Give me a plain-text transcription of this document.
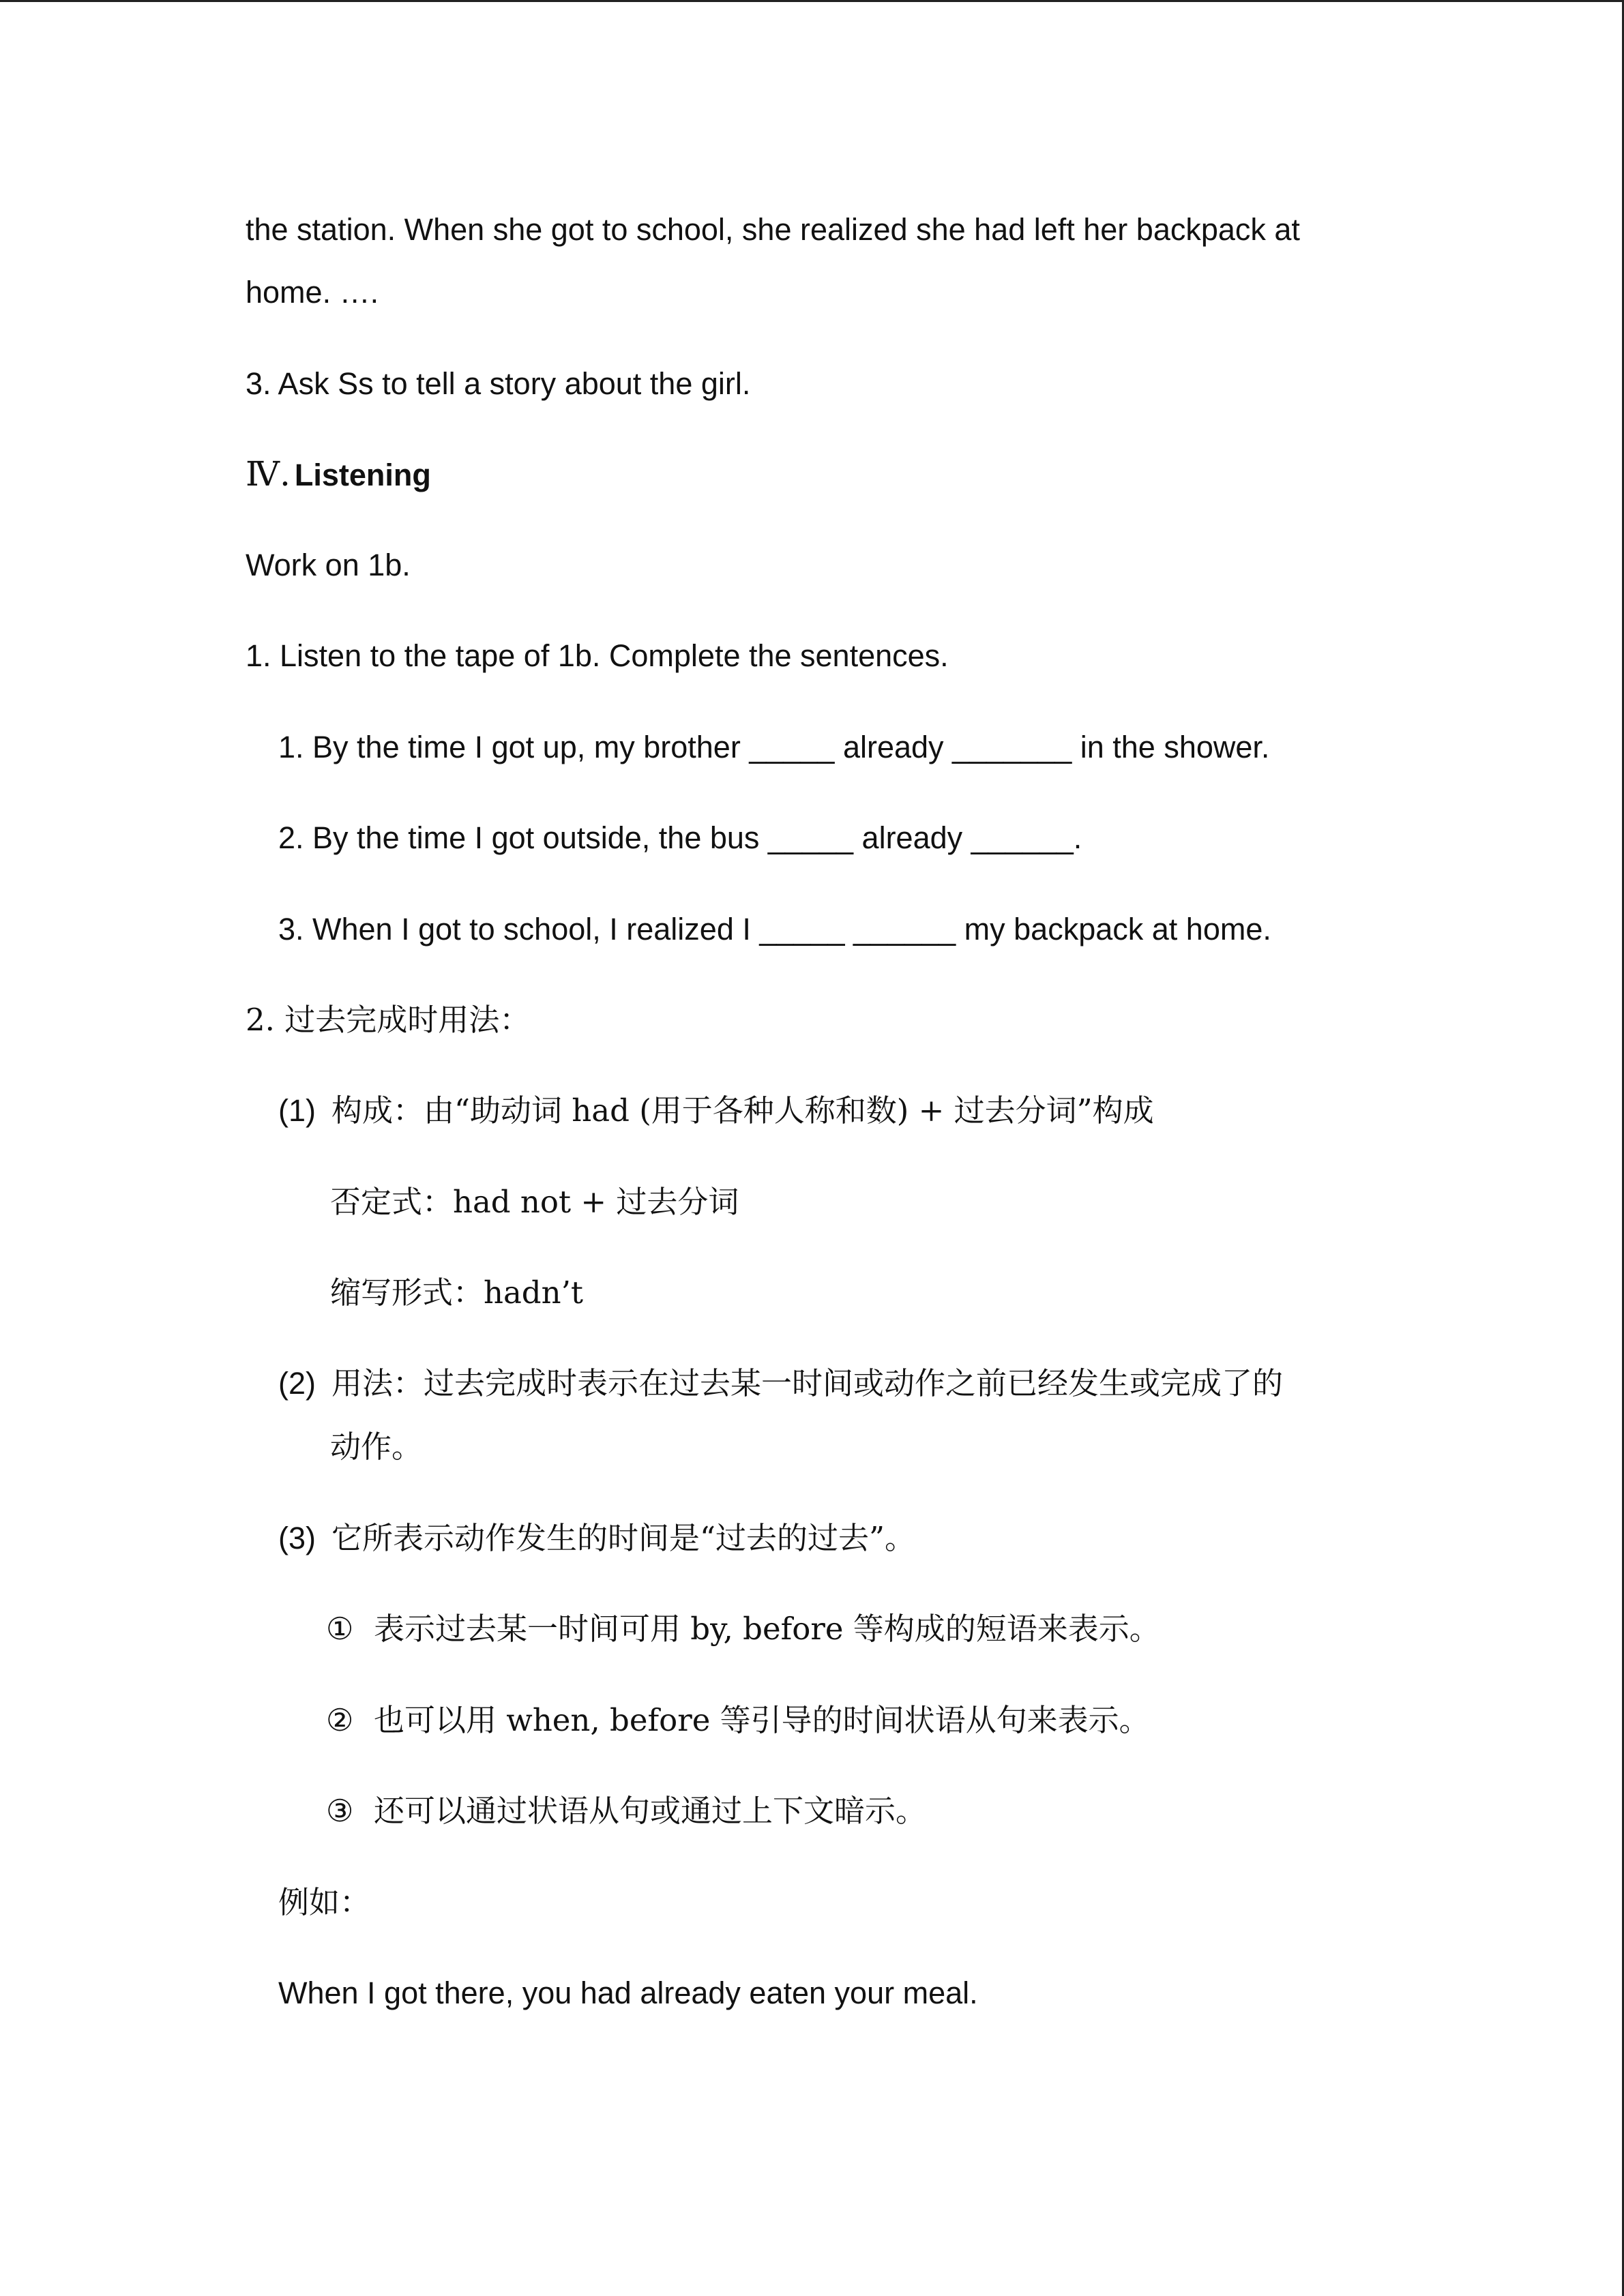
the station. When she got to school, she realized she had left her backpack at
home. ….
3. Ask Ss to tell a story about the girl.
Ⅳ. Listening
Work on 1b.
1. Listen to the tape of 1b. Complete the sentences.
1. By the time I got up, my brother _____ already _______ in the shower.
2. By the time I got outside, the bus _____ already ______.
3. When I got to school, I realized I _____ ______ my backpack at home.
2. 过去完成时用法：
(1) 构成：由“助动词 had (用于各种人称和数) + 过去分词”构成
否定式：had not + 过去分词
缩写形式：hadn’t
(2) 用法：过去完成时表示在过去某一时间或动作之前已经发生或完成了的
动作。
(3) 它所表示动作发生的时间是“过去的过去”。
① 表示过去某一时间可用 by, before 等构成的短语来表示。
② 也可以用 when, before 等引导的时间状语从句来表示。
③ 还可以通过状语从句或通过上下文暗示。
例如：
When I got there, you had already eaten your meal.
